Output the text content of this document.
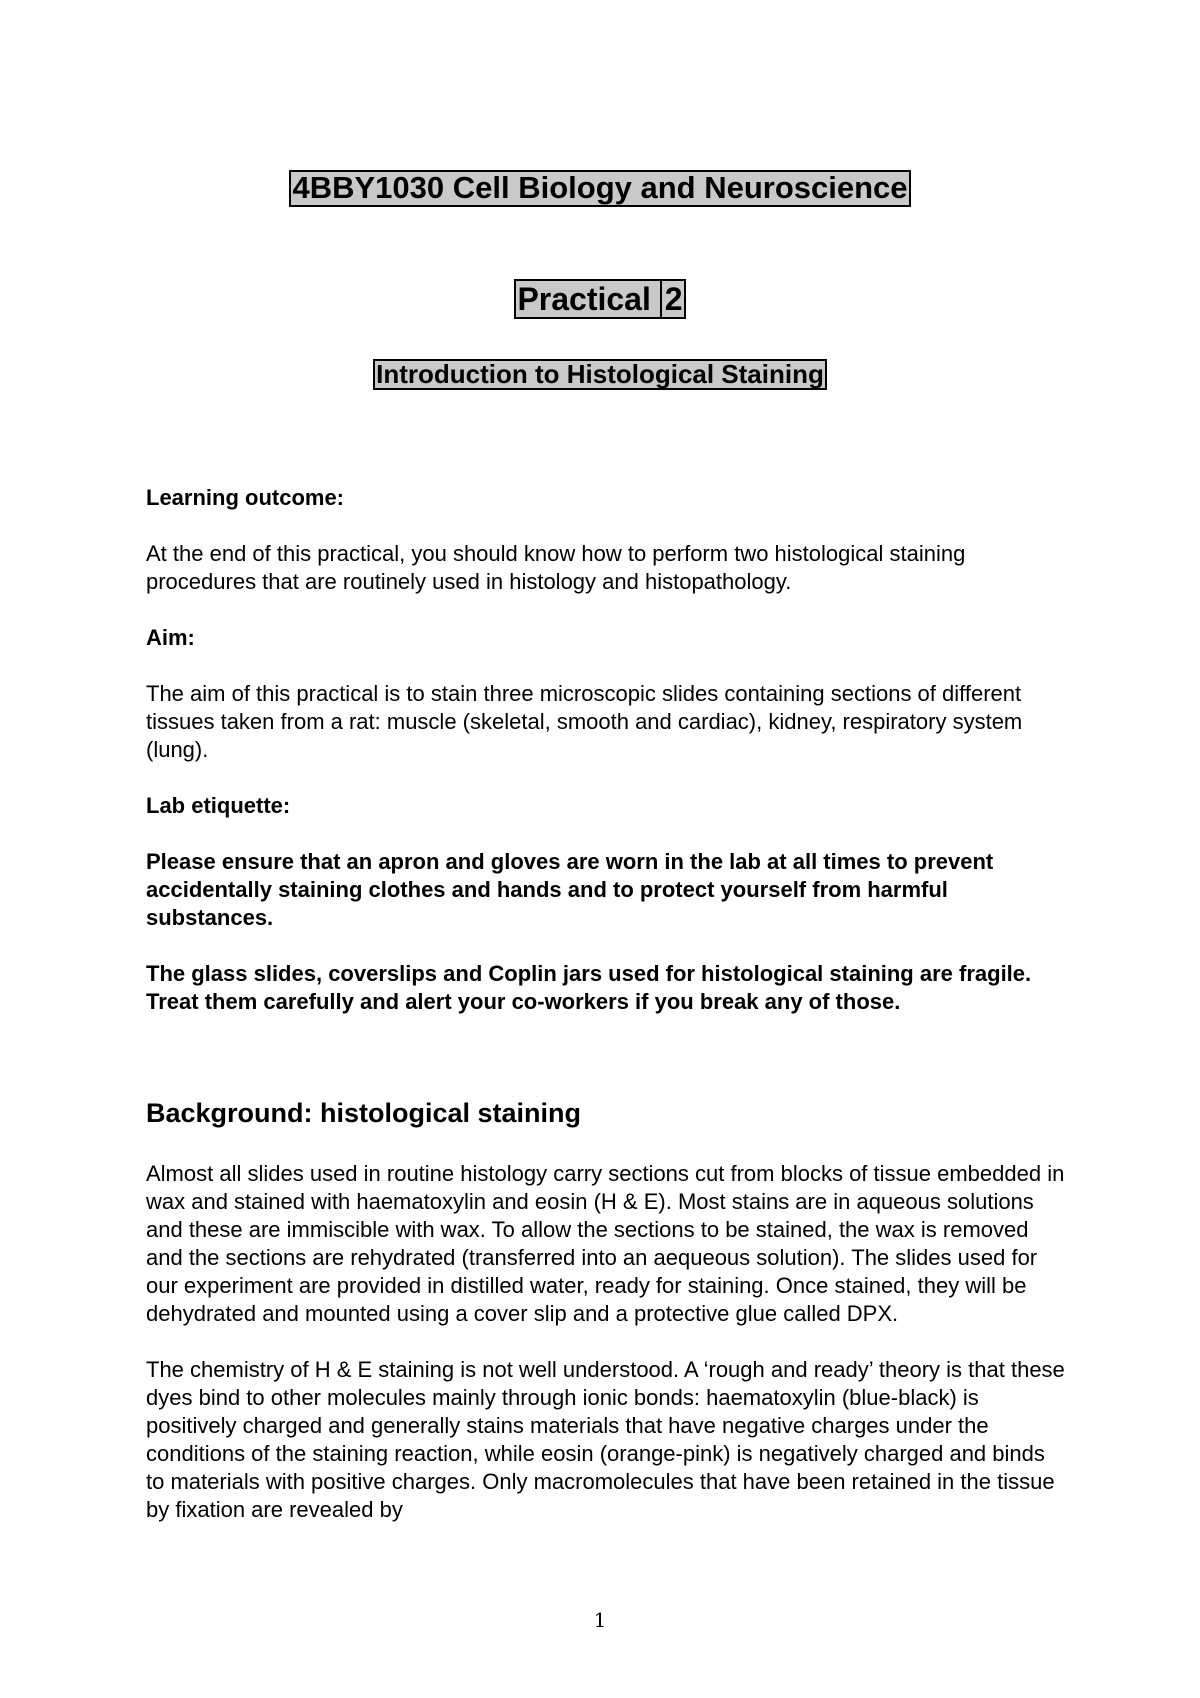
4BBY1030 Cell Biology and Neuroscience
Practical 2
Introduction to Histological Staining

Learning outcome:

At the end of this practical, you should know how to perform two histological staining procedures that are routinely used in histology and histopathology.

Aim:

The aim of this practical is to stain three microscopic slides containing sections of different tissues taken from a rat: muscle (skeletal, smooth and cardiac), kidney, respiratory system (lung).

Lab etiquette:

Please ensure that an apron and gloves are worn in the lab at all times to prevent accidentally staining clothes and hands and to protect yourself from harmful substances.

The glass slides, coverslips and Coplin jars used for histological staining are fragile. Treat them carefully and alert your co-workers if you break any of those.

Background: histological staining

Almost all slides used in routine histology carry sections cut from blocks of tissue embedded in wax and stained with haematoxylin and eosin (H & E). Most stains are in aqueous solutions and these are immiscible with wax. To allow the sections to be stained, the wax is removed and the sections are rehydrated (transferred into an aequeous solution). The slides used for our experiment are provided in distilled water, ready for staining. Once stained, they will be dehydrated and mounted using a cover slip and a protective glue called DPX.

The chemistry of H & E staining is not well understood. A ‘rough and ready’ theory is that these dyes bind to other molecules mainly through ionic bonds: haematoxylin (blue-black) is positively charged and generally stains materials that have negative charges under the conditions of the staining reaction, while eosin (orange-pink) is negatively charged and binds to materials with positive charges. Only macromolecules that have been retained in the tissue by fixation are revealed by

1
